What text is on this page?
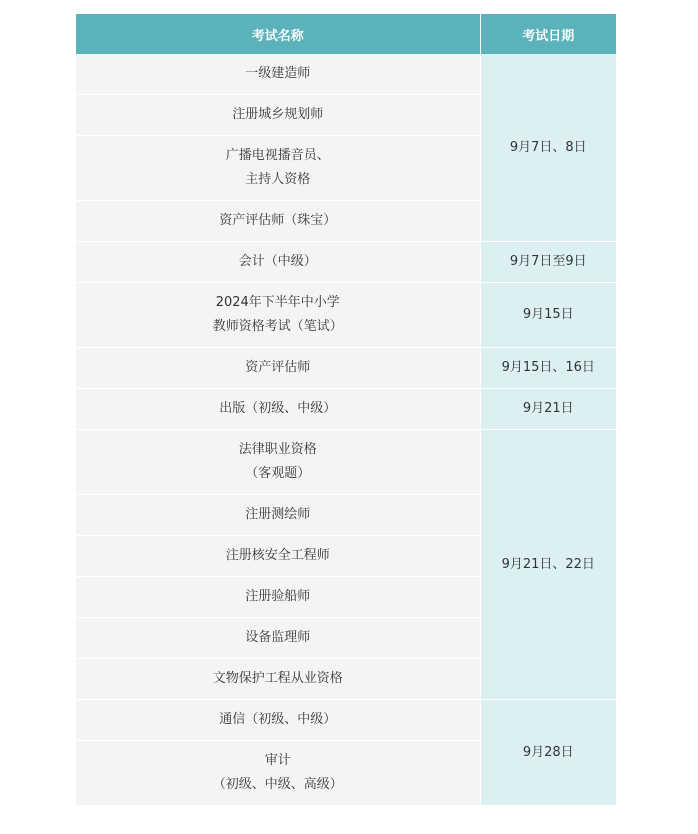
考试名称	考试日期
一级建造师	9月7日、8日
注册城乡规划师	

广播电视播音员、
主持人资格	

资产评估师（珠宝）	
会计（中级）	9月7日至9日

2024年下半年中小学
教师资格考试（笔试）	9月15日
资产评估师	9月15日、16日
出版（初级、中级）	9月21日

法律职业资格
（客观题）	9月21日、22日
注册测绘师	
注册核安全工程师	
注册验船师	
设备监理师	
文物保护工程从业资格	
通信（初级、中级）	9月28日

审计
（初级、中级、高级）	
